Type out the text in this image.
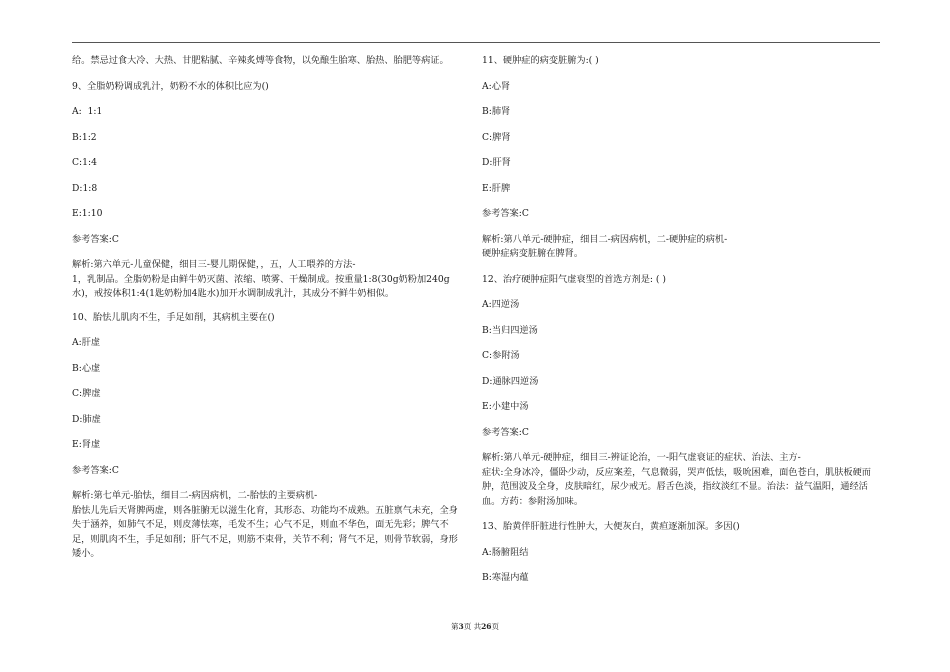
给。禁忌过食大冷、大热、甘肥粘腻、辛辣炙煿等食物，以免酿生胎寒、胎热、胎肥等病证。

9、全脂奶粉调成乳汁，奶粉不水的体积比应为()

A:  1:1

B:1:2

C:1:4

D:1:8

E:1:10

参考答案:C

解析:第六单元-儿童保健，细目三-婴儿期保健，，五，人工喂养的方法-
1，乳制品。全脂奶粉是由鲜牛奶灭菌、浓缩、喷雾、干燥制成。按重量1:8(30g奶粉加240g水)，戒按体积1:4(1匙奶粉加4匙水)加开水调制成乳汁，其成分不鲜牛奶相似。

10、胎怯儿肌肉不生，手足如削，其病机主要在()

A:肝虚

B:心虚

C:脾虚

D:肺虚

E:肾虚

参考答案:C

解析:第七单元-胎怯，细目二-病因病机，二-胎怯的主要病机-
胎怯儿先后天肾脾两虚，则各脏腑无以滋生化育，其形态、功能均不成熟。五脏禀气未充，全身失于涵养，如肺气不足，则皮薄怯寒，毛发不生；心气不足，则血不华色，面无先彩；脾气不足，则肌肉不生，手足如削；肝气不足，则筋不束骨，关节不利；肾气不足，则骨节软弱，身形矮小。

11、硬肿症的病变脏腑为:( )

A:心肾

B:肺肾

C:脾肾

D:肝肾

E:肝脾

参考答案:C

解析:第八单元-硬肿症，细目二-病因病机，二-硬肿症的病机-
硬肿症病变脏腑在脾肾。

12、治疗硬肿症阳气虚衰型的首选方剂是: ( )

A:四逆汤

B:当归四逆汤

C:参附汤

D:通脉四逆汤

E:小建中汤

参考答案:C

解析:第八单元-硬肿症，细目三-辨证论治，一-阳气虚衰证的症状、治法、主方-
症状:全身冰冷，僵卧少动，反应案差，气息微弱，哭声低怯，吸吮困难，面色苍白，肌肤板硬而肿，范围波及全身，皮肤暗红，尿少戒无。唇舌色淡，指纹淡红不显。治法：益气温阳，通经活血。方药：参附汤加味。

13、胎黄伴肝脏进行性肿大，大便灰白，黄疸逐渐加深。多因()

A:肠腑阻结

B:寒湿内蕴

第3页 共26页
